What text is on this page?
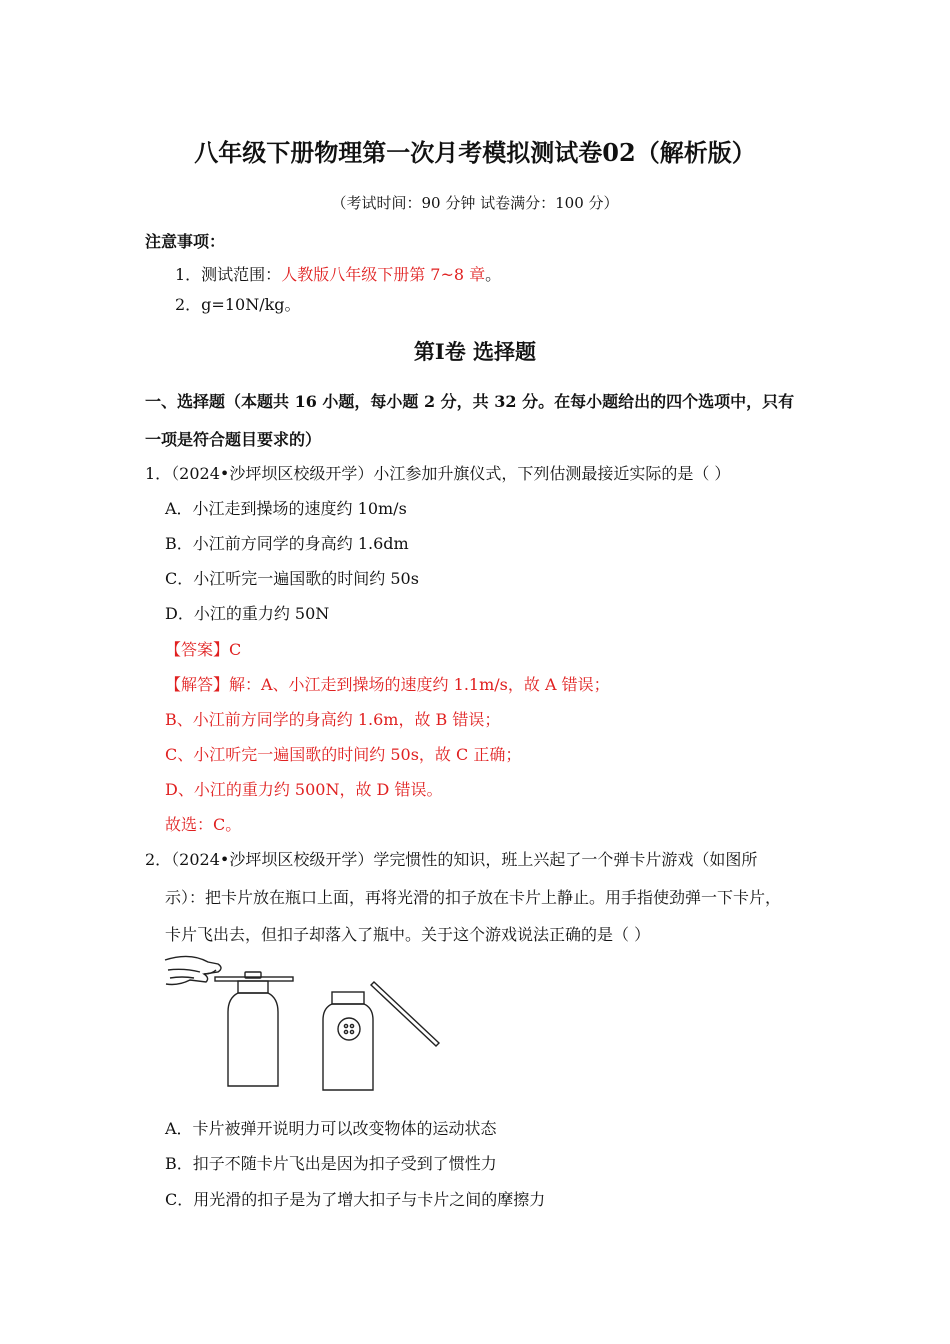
八年级下册物理第一次月考模拟测试卷02（解析版）
（考试时间：90 分钟 试卷满分：100 分）
注意事项：
1．测试范围：人教版八年级下册第 7~8 章。
2．g=10N/kg。
第Ⅰ卷 选择题
一、选择题（本题共 16 小题，每小题 2 分，共 32 分。在每小题给出的四个选项中，只有
一项是符合题目要求的）
1．（2024•沙坪坝区校级开学）小江参加升旗仪式，下列估测最接近实际的是（ ）
A．小江走到操场的速度约 10m/s
B．小江前方同学的身高约 1.6dm
C．小江听完一遍国歌的时间约 50s
D．小江的重力约 50N
【答案】C
【解答】解：A、小江走到操场的速度约 1.1m/s，故 A 错误；
B、小江前方同学的身高约 1.6m，故 B 错误；
C、小江听完一遍国歌的时间约 50s，故 C 正确；
D、小江的重力约 500N，故 D 错误。
故选：C。
2．（2024•沙坪坝区校级开学）学完惯性的知识，班上兴起了一个弹卡片游戏（如图所
示）：把卡片放在瓶口上面，再将光滑的扣子放在卡片上静止。用手指使劲弹一下卡片，
卡片飞出去，但扣子却落入了瓶中。关于这个游戏说法正确的是（ ）
A．卡片被弹开说明力可以改变物体的运动状态
B．扣子不随卡片飞出是因为扣子受到了惯性力
C．用光滑的扣子是为了增大扣子与卡片之间的摩擦力
